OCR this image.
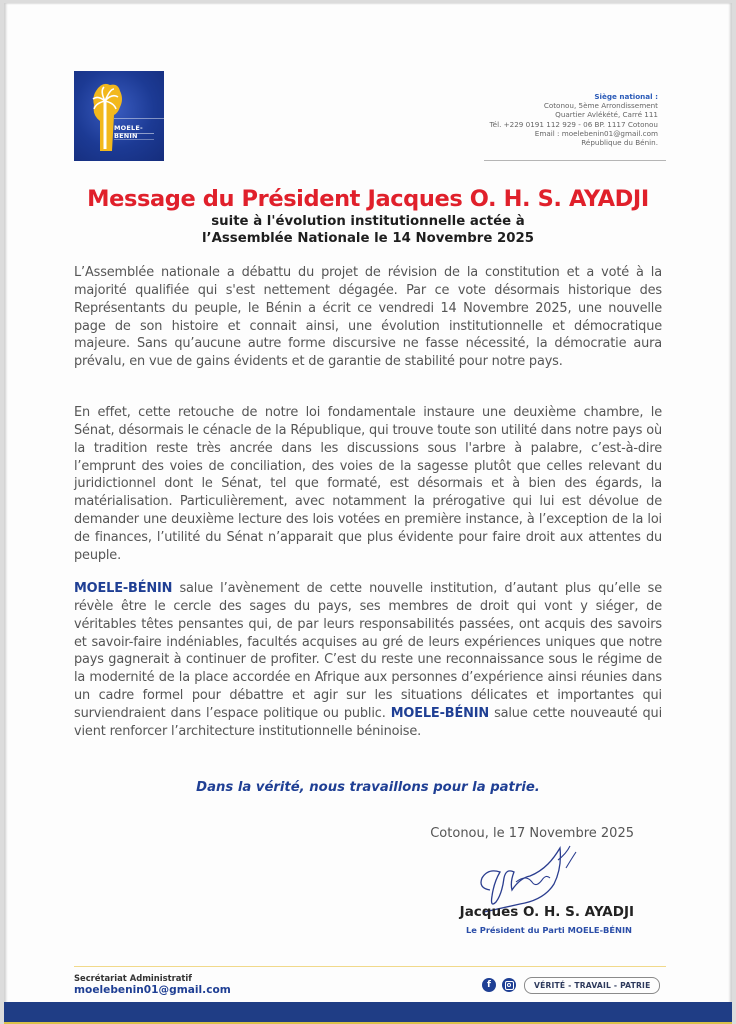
MOELE-BENIN
Siège national :
Cotonou, 5ème Arrondissement
Quartier Avlékété, Carré 111
Tél. +229 0191 112 929 - 06 BP. 1117 Cotonou
Email : moelebenin01@gmail.com
République du Bénin.
Message du Président Jacques O. H. S. AYADJI
suite à l'évolution institutionnelle actée à
l’Assemblée Nationale le 14 Novembre 2025
L’Assemblée nationale a débattu du projet de révision de la constitution et a voté à la majorité qualifiée qui s'est nettement dégagée. Par ce vote désormais historique des Représentants du peuple, le Bénin a écrit ce vendredi 14 Novembre 2025, une nouvelle page de son histoire et connait ainsi, une évolution institutionnelle et démocratique majeure. Sans qu’aucune autre forme discursive ne fasse nécessité, la démocratie aura prévalu, en vue de gains évidents et de garantie de stabilité pour notre pays.
En effet, cette retouche de notre loi fondamentale instaure une deuxième chambre, le Sénat, désormais le cénacle de la République, qui trouve toute son utilité dans notre pays où la tradition reste très ancrée dans les discussions sous l'arbre à palabre, c’est-à-dire l’emprunt des voies de conciliation, des voies de la sagesse plutôt que celles relevant du juridictionnel dont le Sénat, tel que formaté, est désormais et à bien des égards, la matérialisation. Particulièrement, avec notamment la prérogative qui lui est dévolue de demander une deuxième lecture des lois votées en première instance, à l’exception de la loi de finances, l’utilité du Sénat n’apparait que plus évidente pour faire droit aux attentes du peuple.
MOELE-BÉNIN salue l’avènement de cette nouvelle institution, d’autant plus qu’elle se révèle être le cercle des sages du pays, ses membres de droit qui vont y siéger, de véritables têtes pensantes qui, de par leurs responsabilités passées, ont acquis des savoirs et savoir-faire indéniables, facultés acquises au gré de leurs expériences uniques que notre pays gagnerait à continuer de profiter. C’est du reste une reconnaissance sous le régime de la modernité de la place accordée en Afrique aux personnes d’expérience ainsi réunies dans un cadre formel pour débattre et agir sur les situations délicates et importantes qui surviendraient dans l’espace politique ou public. MOELE-BÉNIN salue cette nouveauté qui vient renforcer l’architecture institutionnelle béninoise.
Dans la vérité, nous travaillons pour la patrie.
Cotonou, le 17 Novembre 2025
Jacques O. H. S. AYADJI
Le Président du Parti MOELE-BÉNIN
Secrétariat Administratif
moelebenin01@gmail.com	f	VÉRITÉ - TRAVAIL - PATRIE
